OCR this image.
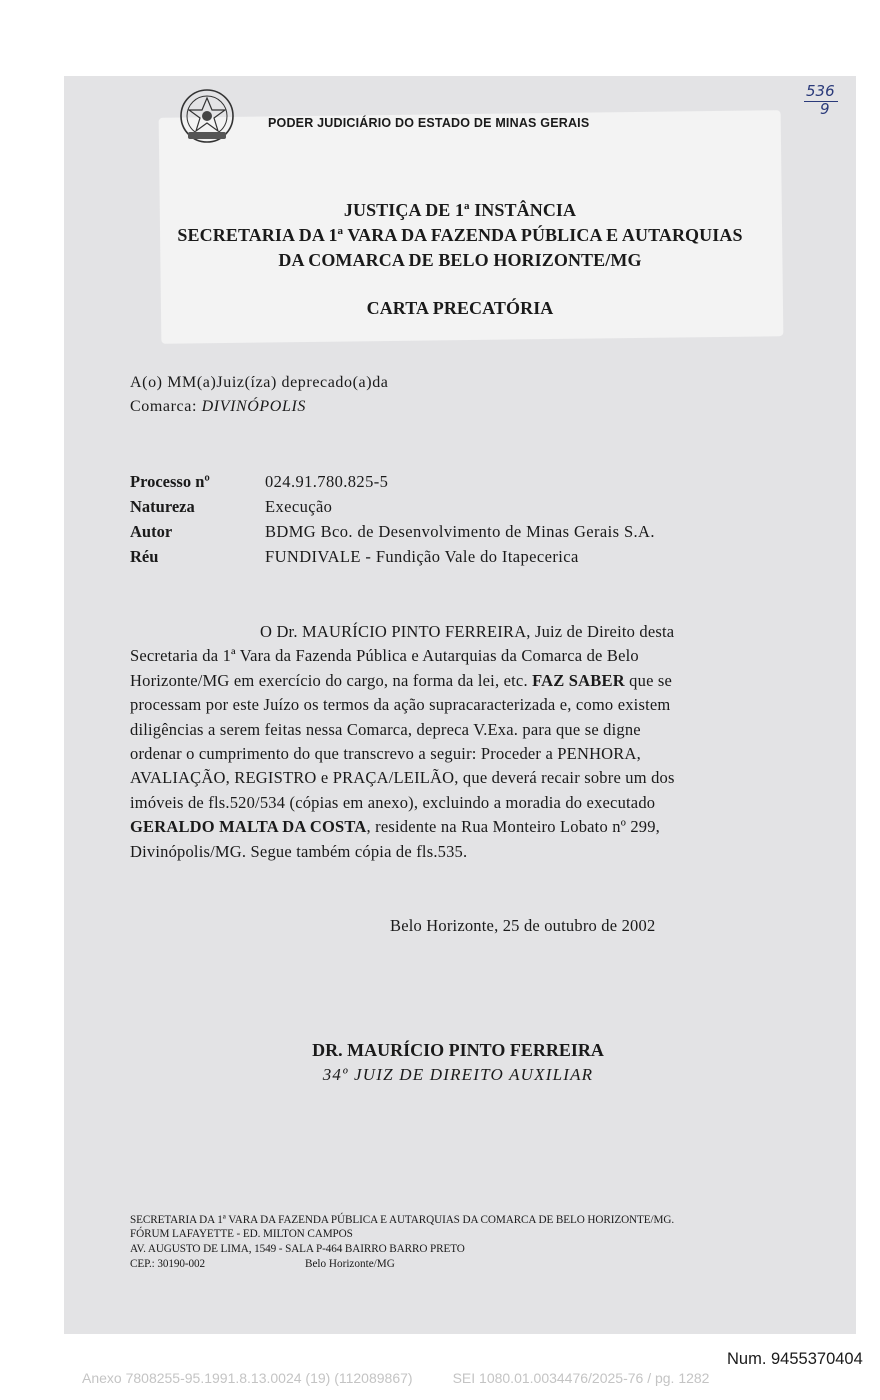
PODER JUDICIÁRIO DO ESTADO DE MINAS GERAIS
536
9
JUSTIÇA DE 1ª INSTÂNCIA
SECRETARIA DA 1ª VARA DA FAZENDA PÚBLICA E AUTARQUIAS
DA COMARCA DE BELO HORIZONTE/MG
CARTA PRECATÓRIA
A(o) MM(a)Juiz(íza) deprecado(a)da
Comarca: DIVINÓPOLIS
Processo nº	024.91.780.825-5
Natureza	Execução
Autor	BDMG Bco. de Desenvolvimento de Minas Gerais S.A.
Réu	FUNDIVALE - Fundição Vale do Itapecerica
O Dr. MAURÍCIO PINTO FERREIRA, Juiz de Direito desta
Secretaria da 1ª Vara da Fazenda Pública e Autarquias da Comarca de Belo
Horizonte/MG em exercício do cargo, na forma da lei, etc. FAZ SABER que se
processam por este Juízo os termos da ação supracaracterizada e, como existem
diligências a serem feitas nessa Comarca, depreca V.Exa. para que se digne
ordenar o cumprimento do que transcrevo a seguir: Proceder a PENHORA,
AVALIAÇÃO, REGISTRO e PRAÇA/LEILÃO, que deverá recair sobre um dos
imóveis de fls.520/534 (cópias em anexo), excluindo a moradia do executado
GERALDO MALTA DA COSTA, residente na Rua Monteiro Lobato nº 299,
Divinópolis/MG. Segue também cópia de fls.535.
Belo Horizonte, 25 de outubro de 2002
DR. MAURÍCIO PINTO FERREIRA
34º JUIZ DE DIREITO AUXILIAR
SECRETARIA DA 1ª VARA DA FAZENDA PÚBLICA E AUTARQUIAS DA COMARCA DE BELO HORIZONTE/MG.
FÓRUM LAFAYETTE - ED. MILTON CAMPOS
AV. AUGUSTO DE LIMA, 1549 - SALA P-464 BAIRRO BARRO PRETO
CEP.: 30190-002	Belo Horizonte/MG
Num. 9455370404
Anexo 7808255-95.1991.8.13.0024 (19) (112089867)	SEI 1080.01.0034476/2025-76 / pg. 1282
